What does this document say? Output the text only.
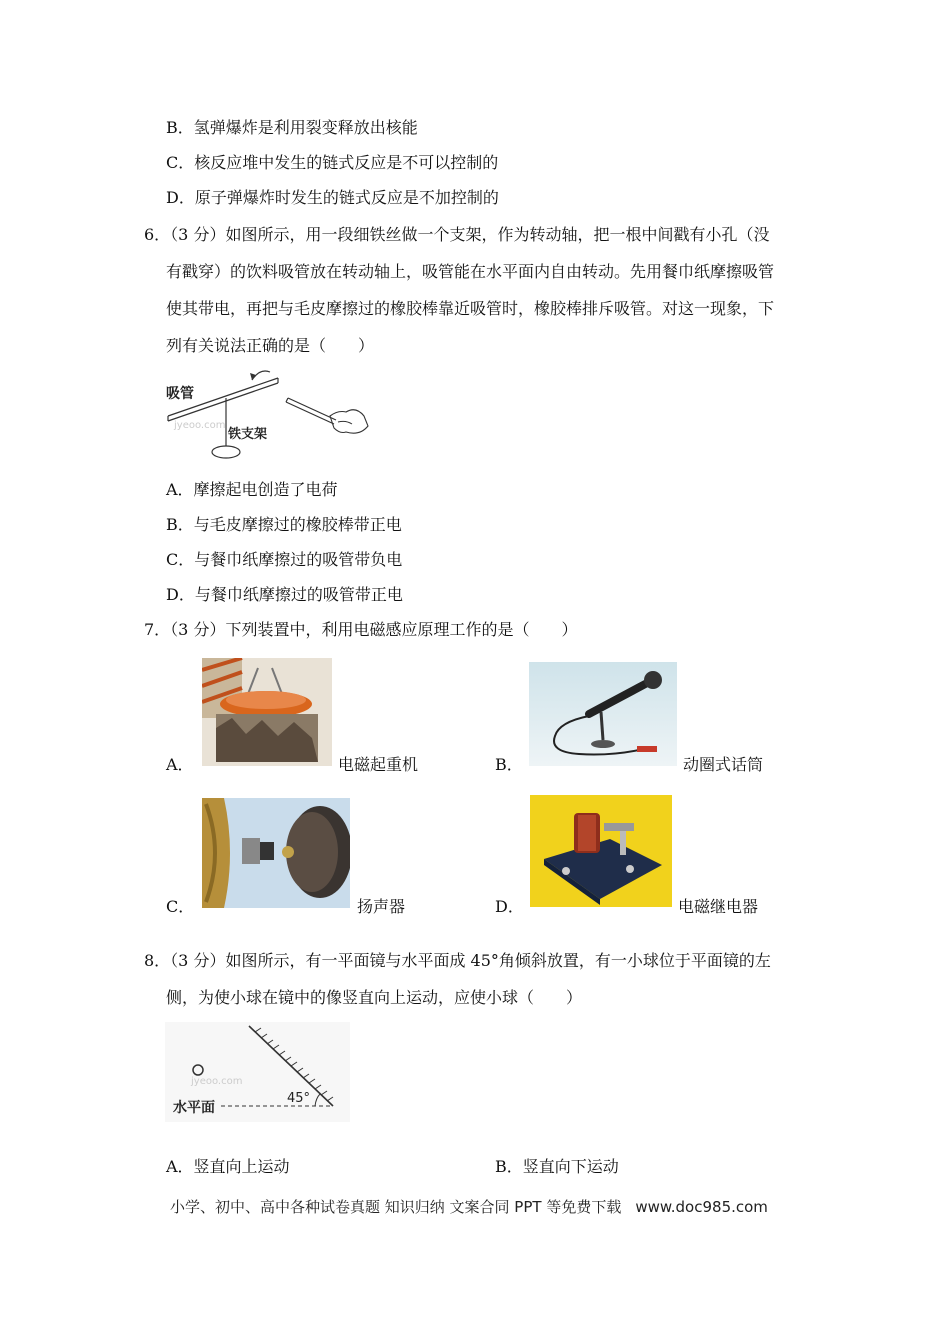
B．氢弹爆炸是利用裂变释放出核能
C．核反应堆中发生的链式反应是不可以控制的
D．原子弹爆炸时发生的链式反应是不加控制的
6．（3 分）如图所示，用一段细铁丝做一个支架，作为转动轴，把一根中间戳有小孔（没
有戳穿）的饮料吸管放在转动轴上，吸管能在水平面内自由转动。先用餐巾纸摩擦吸管
使其带电，再把与毛皮摩擦过的橡胶棒靠近吸管时，橡胶棒排斥吸管。对这一现象，下
列有关说法正确的是（　　）
吸管
铁支架
jyeoo.com
A．摩擦起电创造了电荷
B．与毛皮摩擦过的橡胶棒带正电
C．与餐巾纸摩擦过的吸管带负电
D．与餐巾纸摩擦过的吸管带正电
7．（3 分）下列装置中，利用电磁感应原理工作的是（　　）
A．	电磁起重机	B．	动圈式话筒
C．	扬声器	D．	电磁继电器
8．（3 分）如图所示，有一平面镜与水平面成 45°角倾斜放置，有一小球位于平面镜的左
侧，为使小球在镜中的像竖直向上运动，应使小球（　　）
jyeoo.com
水平面
45°
A．竖直向上运动	B．竖直向下运动
小学、初中、高中各种试卷真题 知识归纳 文案合同 PPT 等免费下载 www.doc985.com
